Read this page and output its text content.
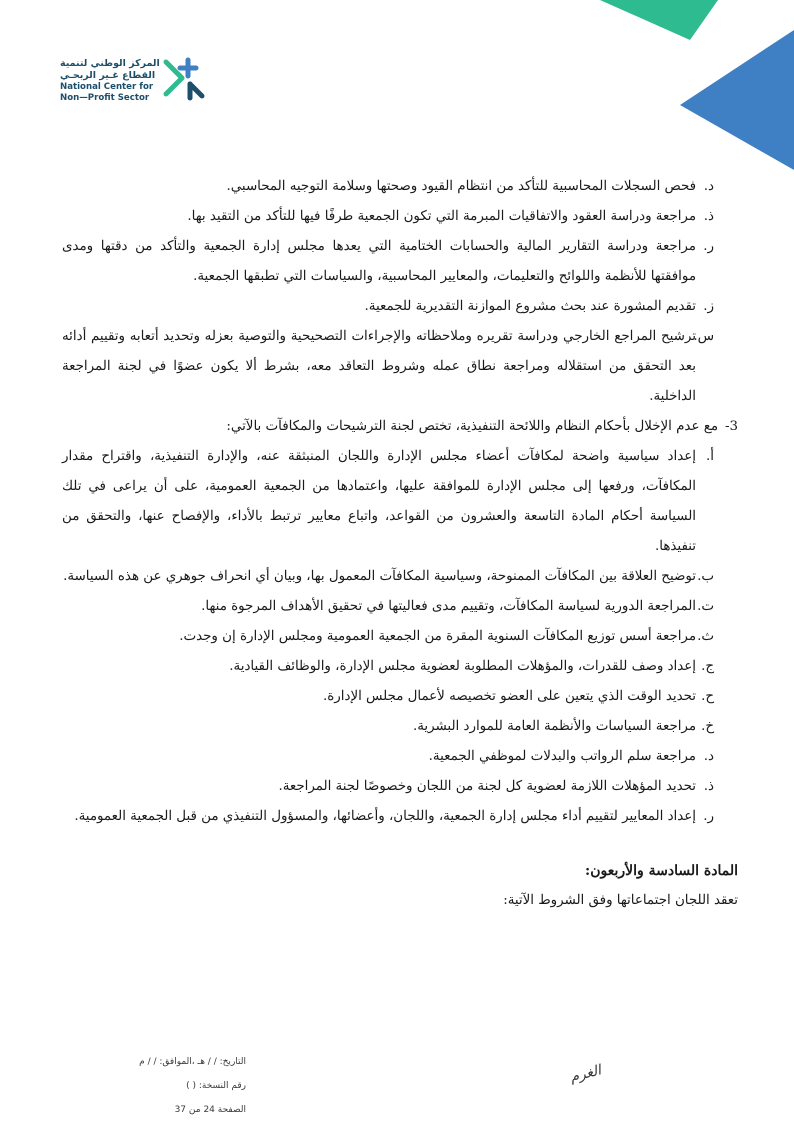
المركز الوطني لتنمية
القطاع غـير الربحـي
National Center for
Non—Profit Sector
د.
فحص السجلات المحاسبية للتأكد من انتظام القيود وصحتها وسلامة التوجيه المحاسبي.
ذ.
مراجعة ودراسة العقود والاتفاقيات المبرمة التي تكون الجمعية طرفًا فيها للتأكد من التقيد بها.
ر.
مراجعة ودراسة التقارير المالية والحسابات الختامية التي يعدها مجلس إدارة الجمعية والتأكد من دقتها ومدى موافقتها للأنظمة واللوائح والتعليمات، والمعايير المحاسبية، والسياسات التي تطبقها الجمعية.
ز.
تقديم المشورة عند بحث مشروع الموازنة التقديرية للجمعية.
س.
ترشيح المراجع الخارجي ودراسة تقريره وملاحظاته والإجراءات التصحيحية والتوصية بعزله وتحديد أتعابه وتقييم أدائه بعد التحقق من استقلاله ومراجعة نطاق عمله وشروط التعاقد معه، بشرط ألا يكون عضوًا في لجنة المراجعة الداخلية.
3-
مع عدم الإخلال بأحكام النظام واللائحة التنفيذية، تختص لجنة الترشيحات والمكافآت بالآتي:
أ.
إعداد سياسية واضحة لمكافآت أعضاء مجلس الإدارة واللجان المنبثقة عنه، والإدارة التنفيذية، واقتراح مقدار المكافآت، ورفعها إلى مجلس الإدارة للموافقة عليها، واعتمادها من الجمعية العمومية، على أن يراعى في تلك السياسة أحكام المادة التاسعة والعشرون من القواعد، واتباع معايير ترتبط بالأداء، والإفصاح عنها، والتحقق من تنفيذها.
ب.
توضيح العلاقة بين المكافآت الممنوحة، وسياسية المكافآت المعمول بها، وبيان أي انحراف جوهري عن هذه السياسة.
ت.
المراجعة الدورية لسياسة المكافآت، وتقييم مدى فعاليتها في تحقيق الأهداف المرجوة منها.
ث.
مراجعة أسس توزيع المكافآت السنوية المقرة من الجمعية العمومية ومجلس الإدارة إن وجدت.
ج.
إعداد وصف للقدرات، والمؤهلات المطلوبة لعضوية مجلس الإدارة، والوظائف القيادية.
ح.
تحديد الوقت الذي يتعين على العضو تخصيصه لأعمال مجلس الإدارة.
خ.
مراجعة السياسات والأنظمة العامة للموارد البشرية.
د.
مراجعة سلم الرواتب والبدلات لموظفي الجمعية.
ذ.
تحديد المؤهلات اللازمة لعضوية كل لجنة من اللجان وخصوصًا لجنة المراجعة.
ر.
إعداد المعايير لتقييم أداء مجلس إدارة الجمعية، واللجان، وأعضائها، والمسؤول التنفيذي من قبل الجمعية العمومية.
المادة السادسة والأربعون:
تعقد اللجان اجتماعاتها وفق الشروط الآتية:
التاريخ: / / هـ ،الموافق: / / م
رقم النسخة: ( )
الصفحة 24 من 37
الغرم
